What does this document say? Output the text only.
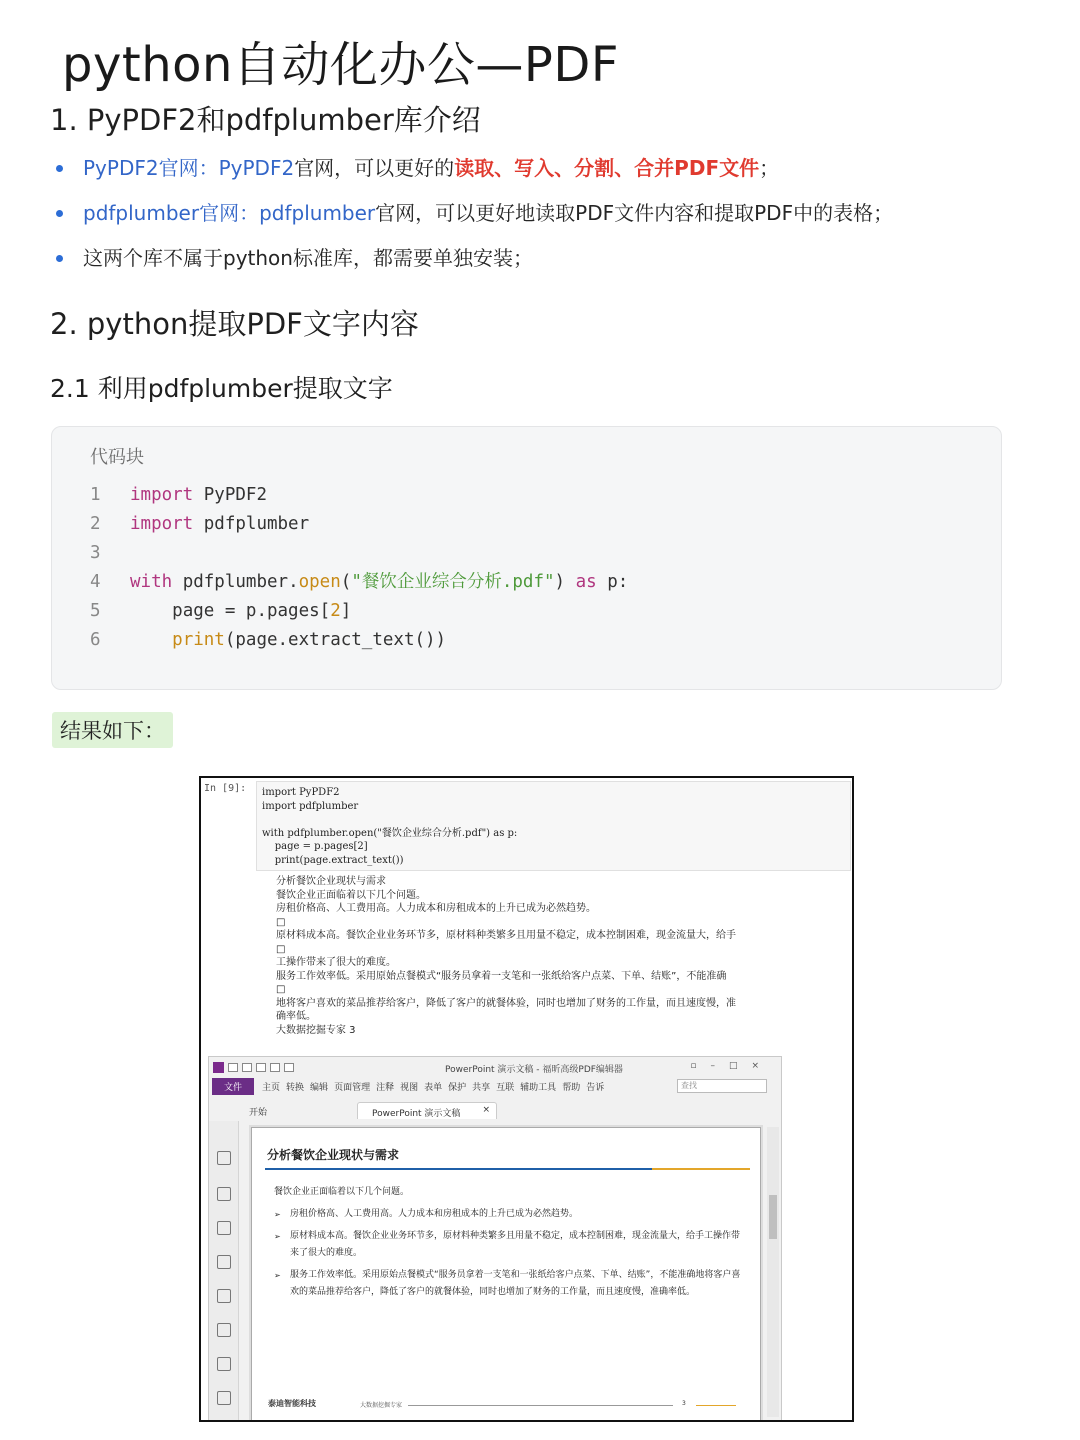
python自动化办公—PDF
1. PyPDF2和pdfplumber库介绍
PyPDF2官网：PyPDF2官网，可以更好的读取、写入、分割、合并PDF文件；
pdfplumber官网：pdfplumber官网，可以更好地读取PDF文件内容和提取PDF中的表格；
这两个库不属于python标准库，都需要单独安装；
2. python提取PDF文字内容
2.1 利用pdfplumber提取文字
代码块
1 import PyPDF2
2 import pdfplumber
3
4 with pdfplumber.open("餐饮企业综合分析.pdf") as p:
5	page = p.pages[2]
6	print(page.extract_text())
结果如下：
In [9]: import PyPDF2
import pdfplumber
with pdfplumber.open("餐饮企业综合分析.pdf") as p:
page = p.pages[2]
print(page.extract_text())
分析餐饮企业现状与需求
餐饮企业正面临着以下几个问题。
房租价格高、人工费用高。人力成本和房租成本的上升已成为必然趋势。
□
原材料成本高。餐饮企业业务环节多，原材料种类繁多且用量不稳定，成本控制困难，现金流量大，给手
□
工操作带来了很大的难度。
服务工作效率低。采用原始点餐模式“服务员拿着一支笔和一张纸给客户点菜、下单、结账”，不能准确
□
地将客户喜欢的菜品推荐给客户，降低了客户的就餐体验，同时也增加了财务的工作量，而且速度慢，准
确率低。
大数据挖掘专家 3
PowerPoint 演示文稿 - 福昕高级PDF编辑器	▫–□×
文件	主页 转换 编辑 页面管理 注释 视图 表单 保护 共享 互联 辅助工具 帮助 告诉	查找
开始	PowerPoint 演示文稿 ×
分析餐饮企业现状与需求
餐饮企业正面临着以下几个问题。
➢ 房租价格高、人工费用高。人力成本和房租成本的上升已成为必然趋势。
➢ 原材料成本高。餐饮企业业务环节多，原材料种类繁多且用量不稳定，成本控制困难，现金流量大，给手工操作带来了很大的难度。
➢ 服务工作效率低。采用原始点餐模式“服务员拿着一支笔和一张纸给客户点菜、下单、结账”，不能准确地将客户喜欢的菜品推荐给客户，降低了客户的就餐体验，同时也增加了财务的工作量，而且速度慢，准确率低。
泰迪智能科技	大数据挖掘专家	3
